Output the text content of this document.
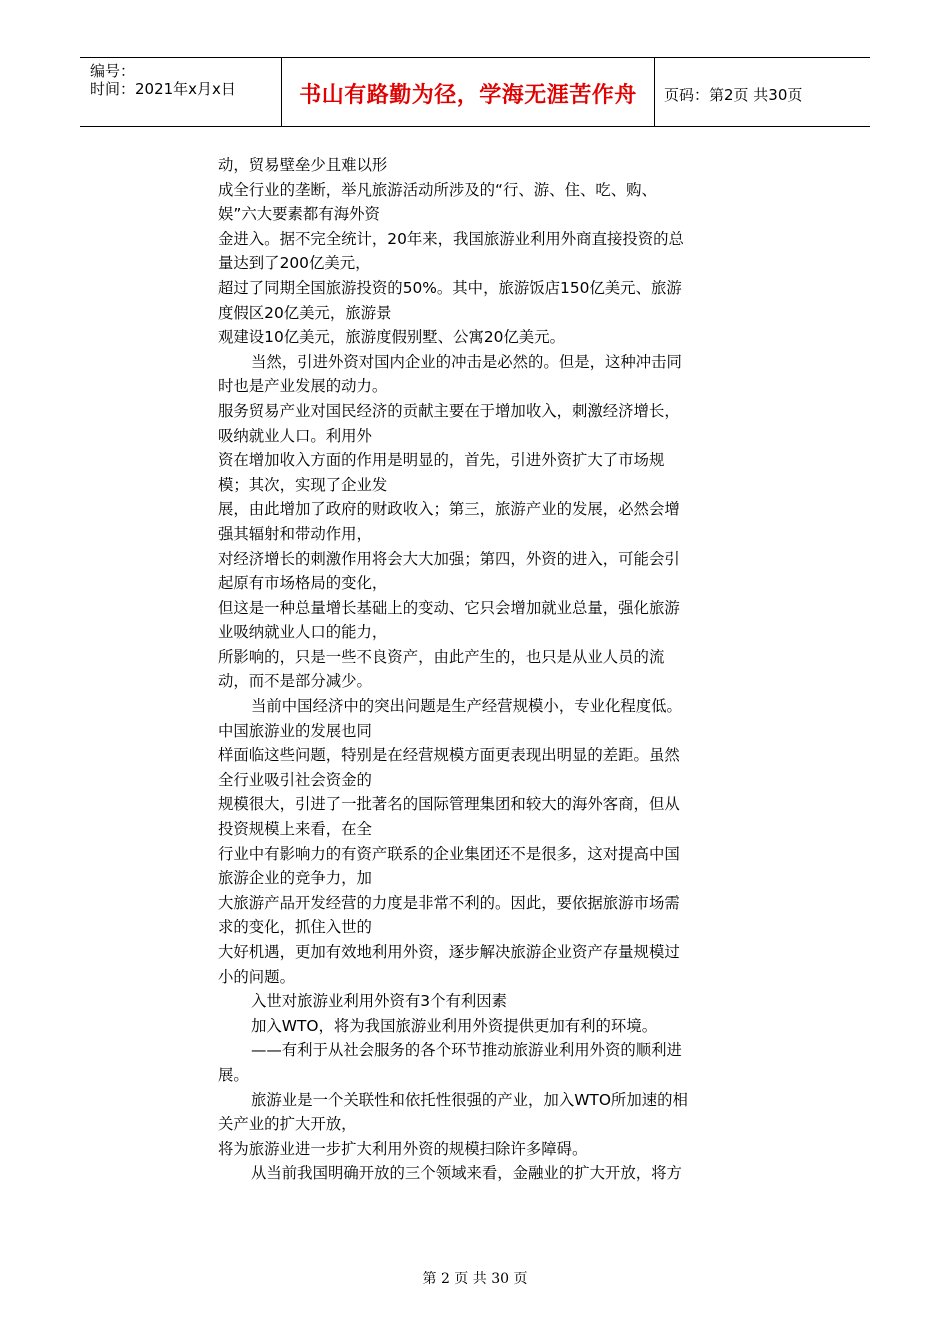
编号：
时间：2021年x月x日	书山有路勤为径，学海无涯苦作舟	页码：第2页 共30页

动，贸易壁垒少且难以形

成全行业的垄断，举凡旅游活动所涉及的“行、游、住、吃、购、

娱”六大要素都有海外资

金进入。据不完全统计，20年来，我国旅游业利用外商直接投资的总

量达到了200亿美元，

超过了同期全国旅游投资的50%。其中，旅游饭店150亿美元、旅游

度假区20亿美元，旅游景

观建设10亿美元，旅游度假别墅、公寓20亿美元。

当然，引进外资对国内企业的冲击是必然的。但是，这种冲击同

时也是产业发展的动力。

服务贸易产业对国民经济的贡献主要在于增加收入，刺激经济增长，

吸纳就业人口。利用外

资在增加收入方面的作用是明显的，首先，引进外资扩大了市场规

模；其次，实现了企业发

展，由此增加了政府的财政收入；第三，旅游产业的发展，必然会增

强其辐射和带动作用，

对经济增长的刺激作用将会大大加强；第四，外资的进入，可能会引

起原有市场格局的变化，

但这是一种总量增长基础上的变动、它只会增加就业总量，强化旅游

业吸纳就业人口的能力，

所影响的，只是一些不良资产，由此产生的，也只是从业人员的流

动，而不是部分减少。

当前中国经济中的突出问题是生产经营规模小，专业化程度低。

中国旅游业的发展也同

样面临这些问题，特别是在经营规模方面更表现出明显的差距。虽然

全行业吸引社会资金的

规模很大，引进了一批著名的国际管理集团和较大的海外客商，但从

投资规模上来看，在全

行业中有影响力的有资产联系的企业集团还不是很多，这对提高中国

旅游企业的竞争力，加

大旅游产品开发经营的力度是非常不利的。因此，要依据旅游市场需

求的变化，抓住入世的

大好机遇，更加有效地利用外资，逐步解决旅游企业资产存量规模过

小的问题。

入世对旅游业利用外资有3个有利因素

加入WTO，将为我国旅游业利用外资提供更加有利的环境。

——有利于从社会服务的各个环节推动旅游业利用外资的顺利进

展。

旅游业是一个关联性和依托性很强的产业，加入WTO所加速的相

关产业的扩大开放，

将为旅游业进一步扩大利用外资的规模扫除许多障碍。

从当前我国明确开放的三个领域来看，金融业的扩大开放，将方

第 2 页 共 30 页
